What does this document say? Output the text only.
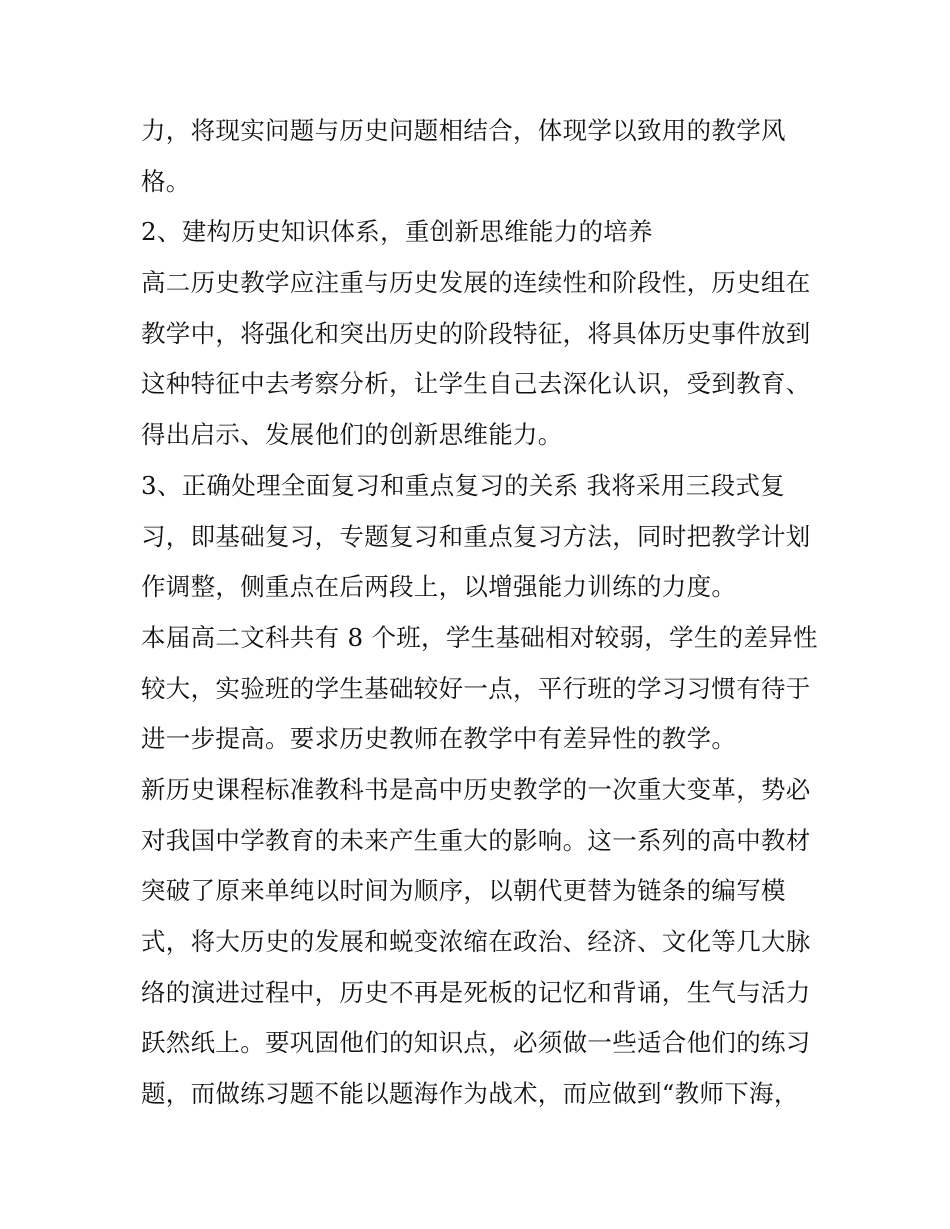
力，将现实问题与历史问题相结合，体现学以致用的教学风

格。

2、建构历史知识体系，重创新思维能力的培养

高二历史教学应注重与历史发展的连续性和阶段性，历史组在

教学中，将强化和突出历史的阶段特征，将具体历史事件放到

这种特征中去考察分析，让学生自己去深化认识，受到教育、

得出启示、发展他们的创新思维能力。

3、正确处理全面复习和重点复习的关系 我将采用三段式复

习，即基础复习，专题复习和重点复习方法，同时把教学计划

作调整，侧重点在后两段上，以增强能力训练的力度。

本届高二文科共有 8 个班，学生基础相对较弱，学生的差异性

较大，实验班的学生基础较好一点，平行班的学习习惯有待于

进一步提高。要求历史教师在教学中有差异性的教学。

新历史课程标准教科书是高中历史教学的一次重大变革，势必

对我国中学教育的未来产生重大的影响。这一系列的高中教材

突破了原来单纯以时间为顺序，以朝代更替为链条的编写模

式，将大历史的发展和蜕变浓缩在政治、经济、文化等几大脉

络的演进过程中，历史不再是死板的记忆和背诵，生气与活力

跃然纸上。要巩固他们的知识点，必须做一些适合他们的练习

题，而做练习题不能以题海作为战术，而应做到“教师下海，
